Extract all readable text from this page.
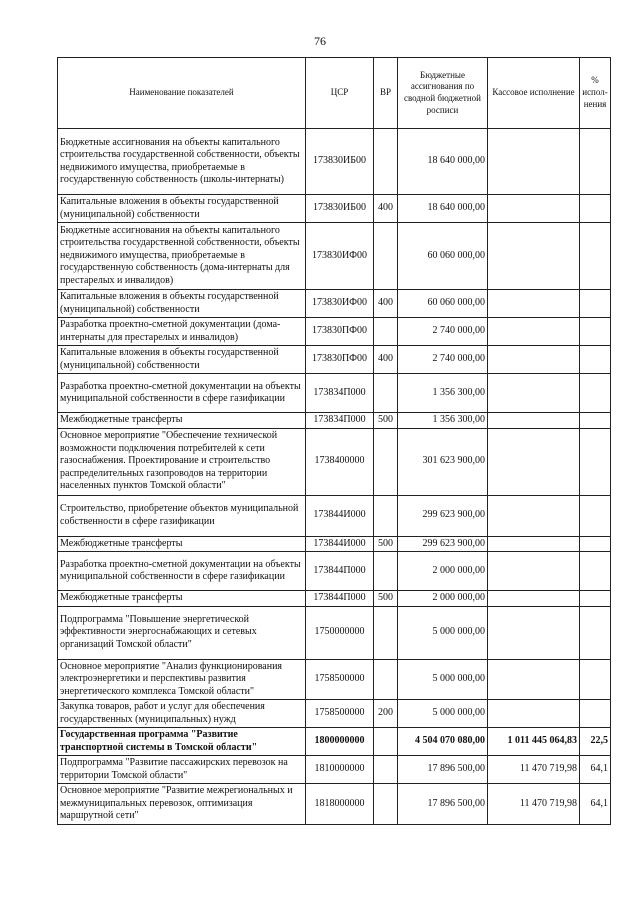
76
Наименование показателей	ЦСР	ВР	Бюджетные ассигнования по сводной бюджетной росписи	Кассовое исполнение	% испол-нения
Бюджетные ассигнования на объекты капитального строительства государственной собственности, объекты недвижимого имущества, приобретаемые в государственную собственность (школы-интернаты)	173830ИБ00		18 640 000,00		
Капитальные вложения в объекты государственной (муниципальной) собственности	173830ИБ00	400	18 640 000,00		
Бюджетные ассигнования на объекты капитального строительства государственной собственности, объекты недвижимого имущества, приобретаемые в государственную собственность (дома-интернаты для престарелых и инвалидов)	173830ИФ00		60 060 000,00		
Капитальные вложения в объекты государственной (муниципальной) собственности	173830ИФ00	400	60 060 000,00		
Разработка проектно-сметной документации (дома-интернаты для престарелых и инвалидов)	173830ПФ00		2 740 000,00		
Капитальные вложения в объекты государственной (муниципальной) собственности	173830ПФ00	400	2 740 000,00		
Разработка проектно-сметной документации на объекты муниципальной собственности в сфере газификации	173834П000		1 356 300,00		
Межбюджетные трансферты	173834П000	500	1 356 300,00		
Основное мероприятие "Обеспечение технической возможности подключения потребителей к сети газоснабжения. Проектирование и строительство распределительных газопроводов на территории населенных пунктов Томской области"	1738400000		301 623 900,00		
Строительство, приобретение объектов муниципальной собственности в сфере газификации	173844И000		299 623 900,00		
Межбюджетные трансферты	173844И000	500	299 623 900,00		
Разработка проектно-сметной документации на объекты муниципальной собственности в сфере газификации	173844П000		2 000 000,00		
Межбюджетные трансферты	173844П000	500	2 000 000,00		
Подпрограмма "Повышение энергетической эффективности энергоснабжающих и сетевых организаций Томской области"	1750000000		5 000 000,00		
Основное мероприятие "Анализ функционирования электроэнергетики и перспективы развития энергетического комплекса Томской области"	1758500000		5 000 000,00		
Закупка товаров, работ и услуг для обеспечения государственных (муниципальных) нужд	1758500000	200	5 000 000,00		
Государственная программа "Развитие транспортной системы в Томской области"	1800000000		4 504 070 080,00	1 011 445 064,83	22,5
Подпрограмма "Развитие пассажирских перевозок на территории Томской области"	1810000000		17 896 500,00	11 470 719,98	64,1
Основное мероприятие "Развитие межрегиональных и межмуниципальных перевозок, оптимизация маршрутной сети"	1818000000		17 896 500,00	11 470 719,98	64,1
